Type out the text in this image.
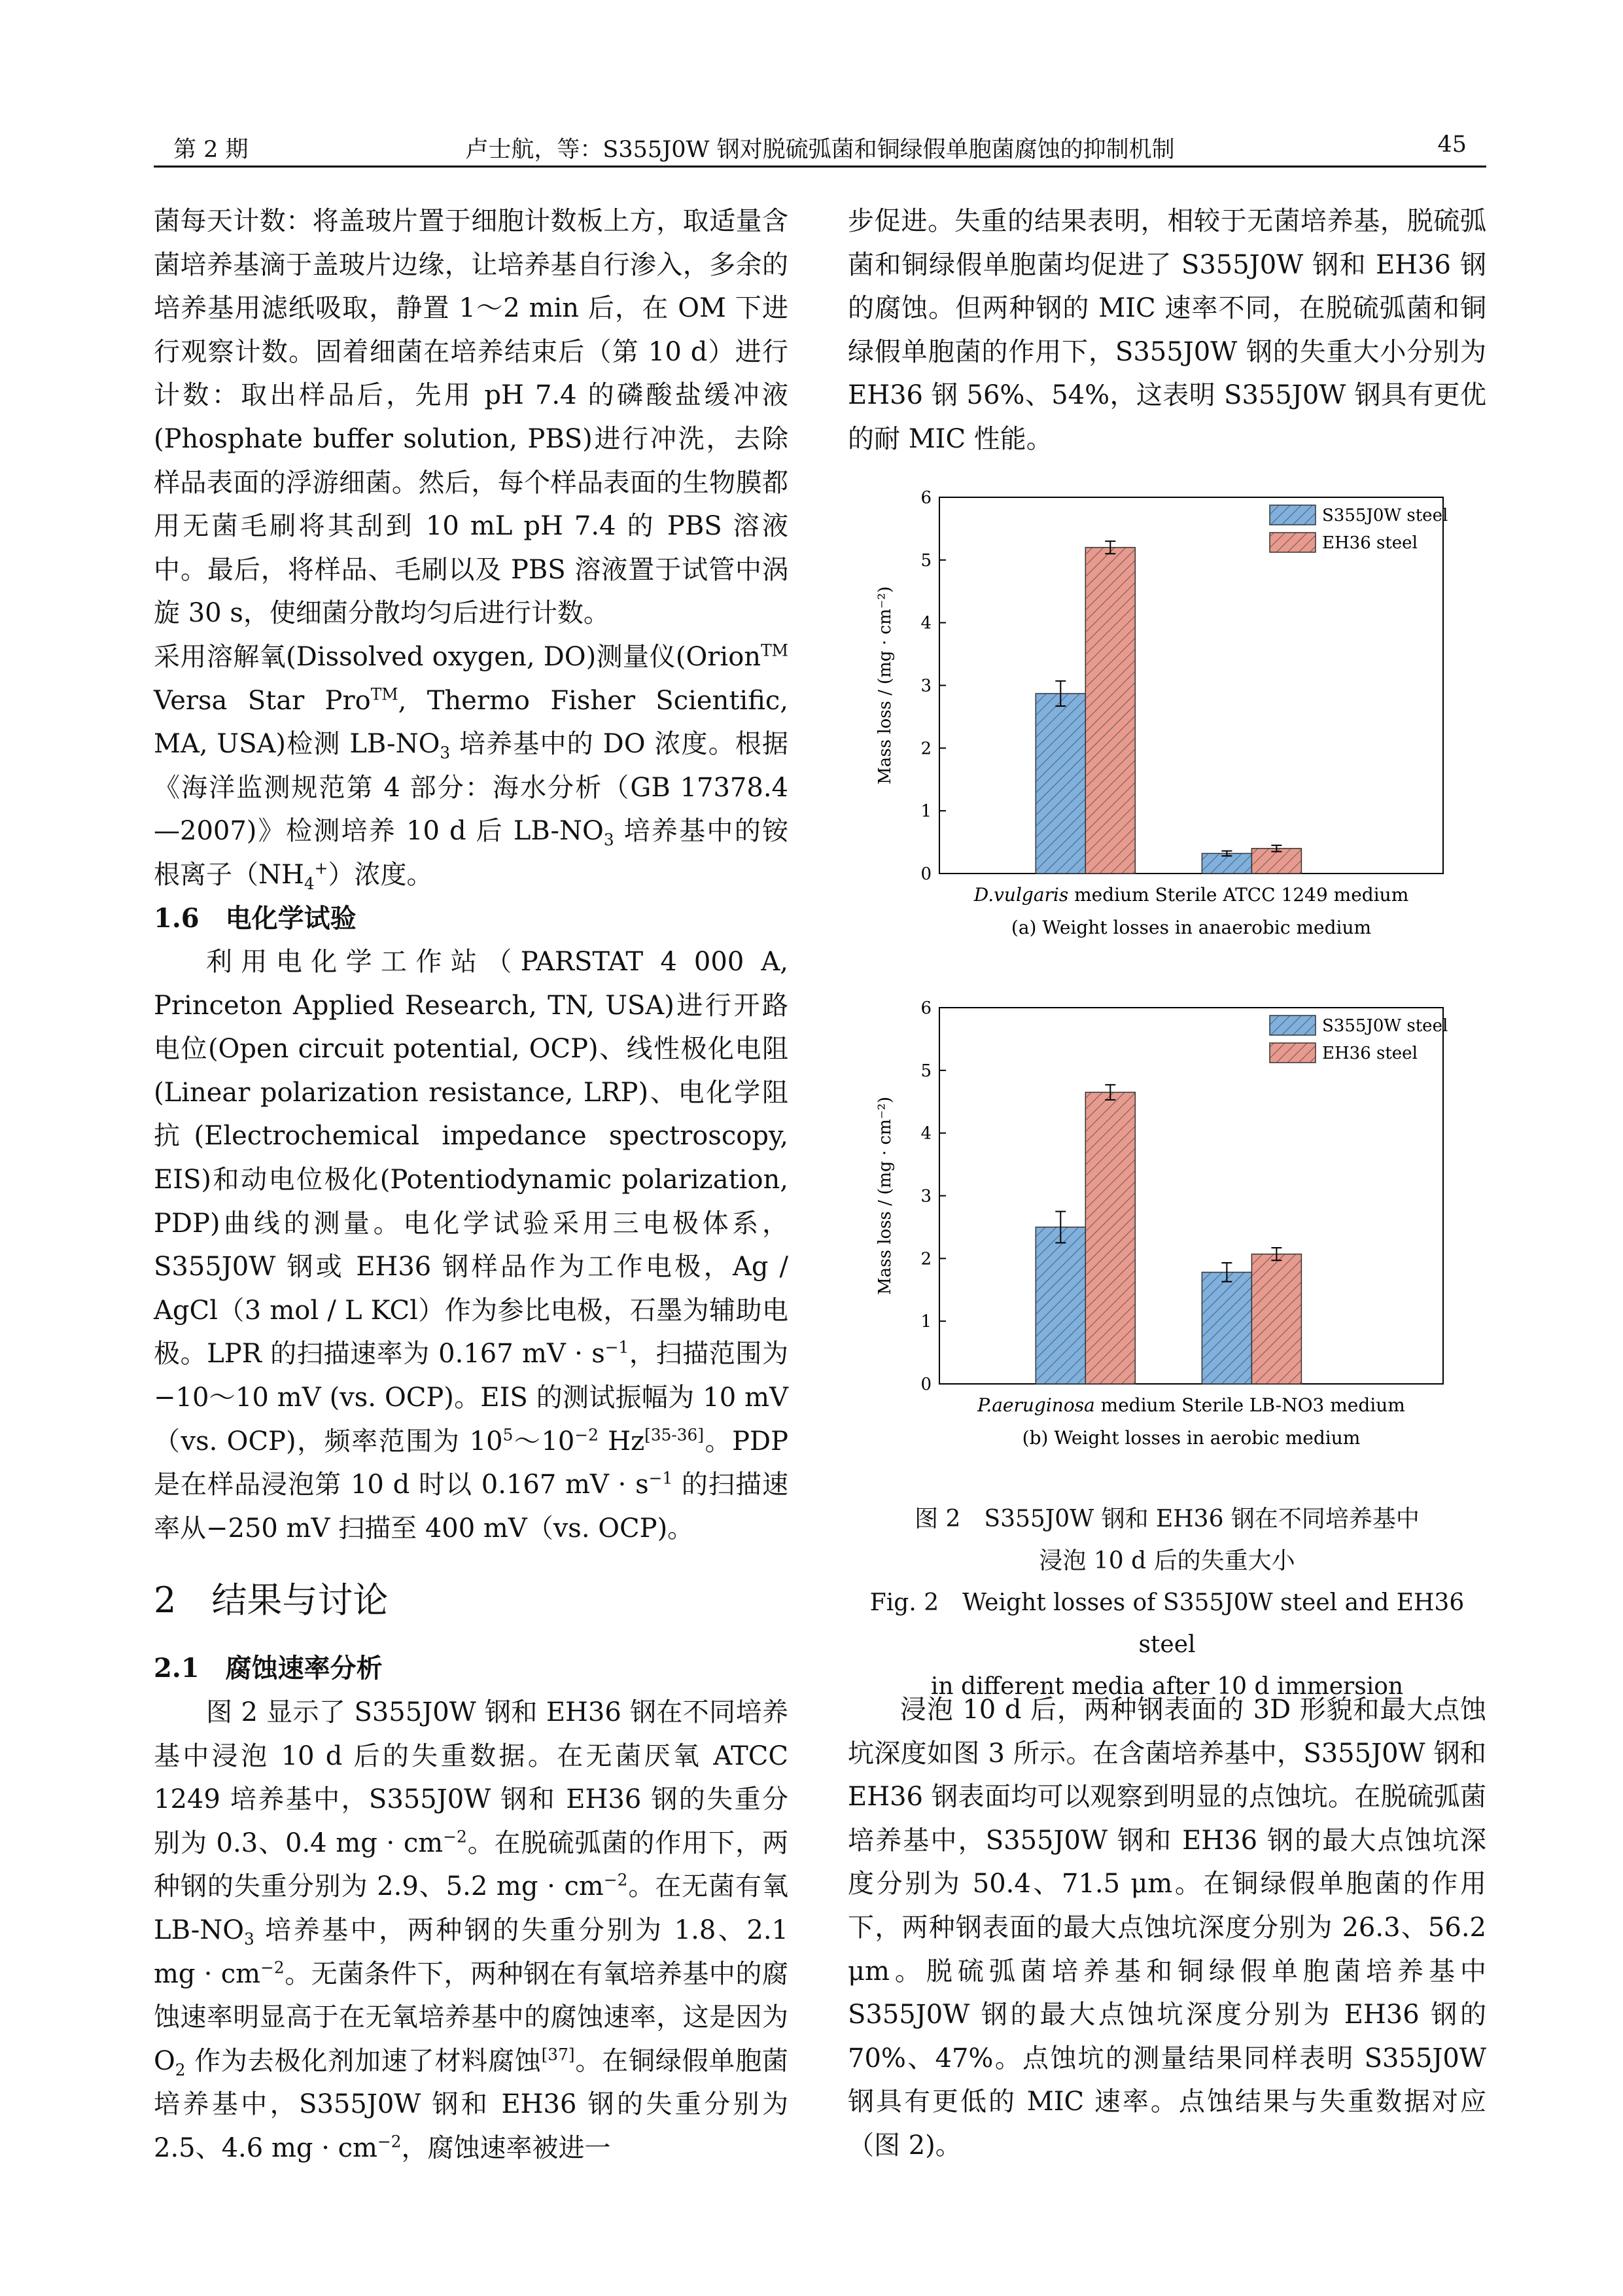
第 2 期	卢士航，等：S355J0W 钢对脱硫弧菌和铜绿假单胞菌腐蚀的抑制机制	45

菌每天计数：将盖玻片置于细胞计数板上方，取适量含菌培养基滴于盖玻片边缘，让培养基自行渗入，多余的培养基用滤纸吸取，静置 1～2 min 后，在 OM 下进行观察计数。固着细菌在培养结束后（第 10 d）进行计数：取出样品后，先用 pH 7.4 的磷酸盐缓冲液(Phosphate buffer solution, PBS)进行冲洗，去除样品表面的浮游细菌。然后，每个样品表面的生物膜都用无菌毛刷将其刮到 10 mL pH 7.4 的 PBS 溶液中。最后，将样品、毛刷以及 PBS 溶液置于试管中涡旋 30 s，使细菌分散均匀后进行计数。

采用溶解氧(Dissolved oxygen, DO)测量仪(Orion™ Versa Star Pro™, Thermo Fisher Scientific, MA, USA)检测 $LB-NO_3$ 培养基中的 DO 浓度。根据《海洋监测规范第 4 部分：海水分析（GB 17378.4—2007)》检测培养 10 d 后 $LB-NO_3$ 培养基中的铵根离子$(NH_4^+)$浓度。

1.6　电化学试验

利用电化学工作站（PARSTAT 4 000 A, Princeton Applied Research, TN, USA)进行开路电位(Open circuit potential, OCP)、线性极化电阻(Linear polarization resistance, LRP)、电化学阻抗(Electrochemical impedance spectroscopy, EIS)和动电位极化(Potentiodynamic polarization, PDP)曲线的测量。电化学试验采用三电极体系，S355J0W 钢或 EH36 钢样品作为工作电极，Ag / AgCl（3 mol / L KCl）作为参比电极，石墨为辅助电极。LPR 的扫描速率为 0.167 mV · $s^{-1}$，扫描范围为−10～10 mV (vs. OCP)。EIS 的测试振幅为 10 mV（vs. OCP)，频率范围为 $10^5\sim 10^{-2}$ Hz[35-36]。PDP 是在样品浸泡第 10 d 时以 0.167 mV · $s^{-1}$ 的扫描速率从−250 mV 扫描至 400 mV（vs. OCP)。

2　结果与讨论

2.1　腐蚀速率分析

图 2 显示了 S355J0W 钢和 EH36 钢在不同培养基中浸泡 10 d 后的失重数据。在无菌厌氧 ATCC 1249 培养基中，S355J0W 钢和 EH36 钢的失重分别为 0.3、0.4 mg · $cm^{-2}$。在脱硫弧菌的作用下，两种钢的失重分别为 2.9、5.2 mg · $cm^{-2}$。在无菌有氧 $LB-NO_3$ 培养基中，两种钢的失重分别为 1.8、2.1 mg · $cm^{-2}$。无菌条件下，两种钢在有氧培养基中的腐蚀速率明显高于在无氧培养基中的腐蚀速率，这是因为 $O_2$ 作为去极化剂加速了材料腐蚀[37]。在铜绿假单胞菌培养基中，S355J0W 钢和 EH36 钢的失重分别为 2.5、4.6 mg · $cm^{-2}$，腐蚀速率被进一

步促进。失重的结果表明，相较于无菌培养基，脱硫弧菌和铜绿假单胞菌均促进了 S355J0W 钢和 EH36 钢的腐蚀。但两种钢的 MIC 速率不同，在脱硫弧菌和铜绿假单胞菌的作用下，S355J0W 钢的失重大小分别为 EH36 钢 56%、54%，这表明 S355J0W 钢具有更优的耐 MIC 性能。

0
1
2
3
4
5
6
Mass loss / (mg · cm⁻²)
S355J0W steel
EH36 steel
D.vulgaris medium Sterile ATCC 1249 medium
(a) Weight losses in anaerobic medium
0
1
2
3
4
5
6
Mass loss / (mg · cm⁻²)
S355J0W steel
EH36 steel
P.aeruginosa medium Sterile LB-NO3 medium
(b) Weight losses in aerobic medium
图 2　S355J0W 钢和 EH36 钢在不同培养基中
浸泡 10 d 后的失重大小
Fig. 2　Weight losses of S355J0W steel and EH36 steel
in different media after 10 d immersion

浸泡 10 d 后，两种钢表面的 3D 形貌和最大点蚀坑深度如图 3 所示。在含菌培养基中，S355J0W 钢和 EH36 钢表面均可以观察到明显的点蚀坑。在脱硫弧菌培养基中，S355J0W 钢和 EH36 钢的最大点蚀坑深度分别为 50.4、71.5 μm。在铜绿假单胞菌的作用下，两种钢表面的最大点蚀坑深度分别为 26.3、56.2 μm。脱硫弧菌培养基和铜绿假单胞菌培养基中 S355J0W 钢的最大点蚀坑深度分别为 EH36 钢的 70%、47%。点蚀坑的测量结果同样表明 S355J0W 钢具有更低的 MIC 速率。点蚀结果与失重数据对应（图 2)。
